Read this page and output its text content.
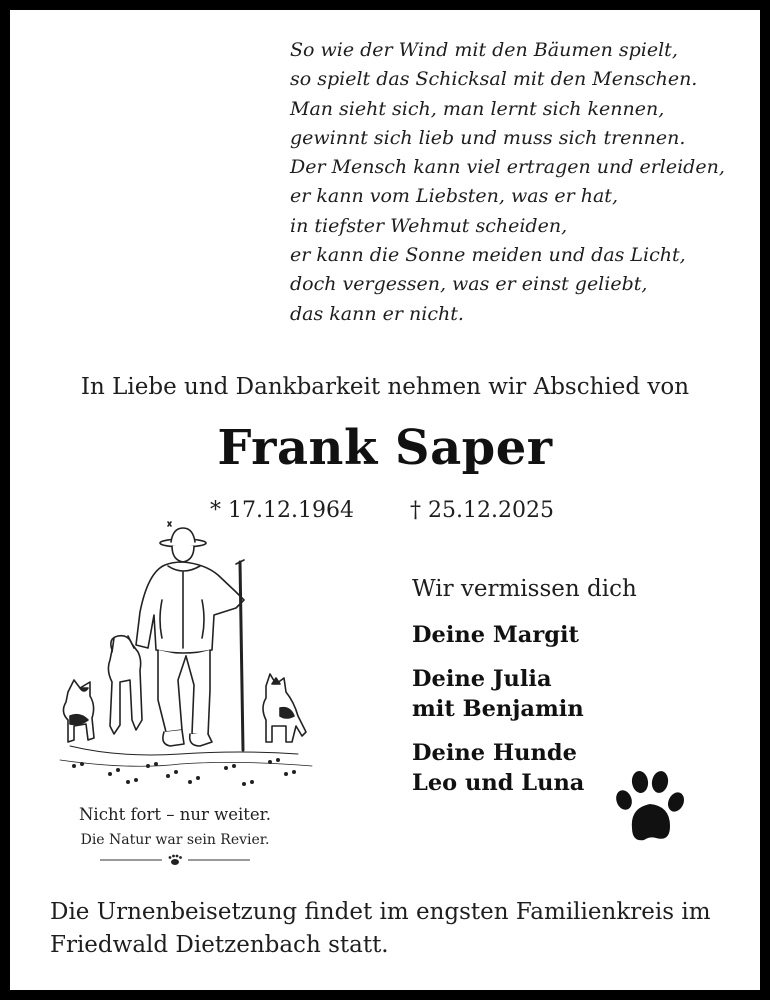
So wie der Wind mit den Bäumen spielt,
so spielt das Schicksal mit den Menschen.
Man sieht sich, man lernt sich kennen,
gewinnt sich lieb und muss sich trennen.
Der Mensch kann viel ertragen und erleiden,
er kann vom Liebsten, was er hat,
in tiefster Wehmut scheiden,
er kann die Sonne meiden und das Licht,
doch vergessen, was er einst geliebt,
das kann er nicht.
In Liebe und Dankbarkeit nehmen wir Abschied von
Frank Saper
* 17.12.1964	† 25.12.2025
Nicht fort – nur weiter.
Die Natur war sein Revier.
Wir vermissen dich
Deine Margit
Deine Julia
mit Benjamin
Deine Hunde
Leo und Luna

Die Urnenbeisetzung findet im engsten Familienkreis im Friedwald Dietzenbach statt.
